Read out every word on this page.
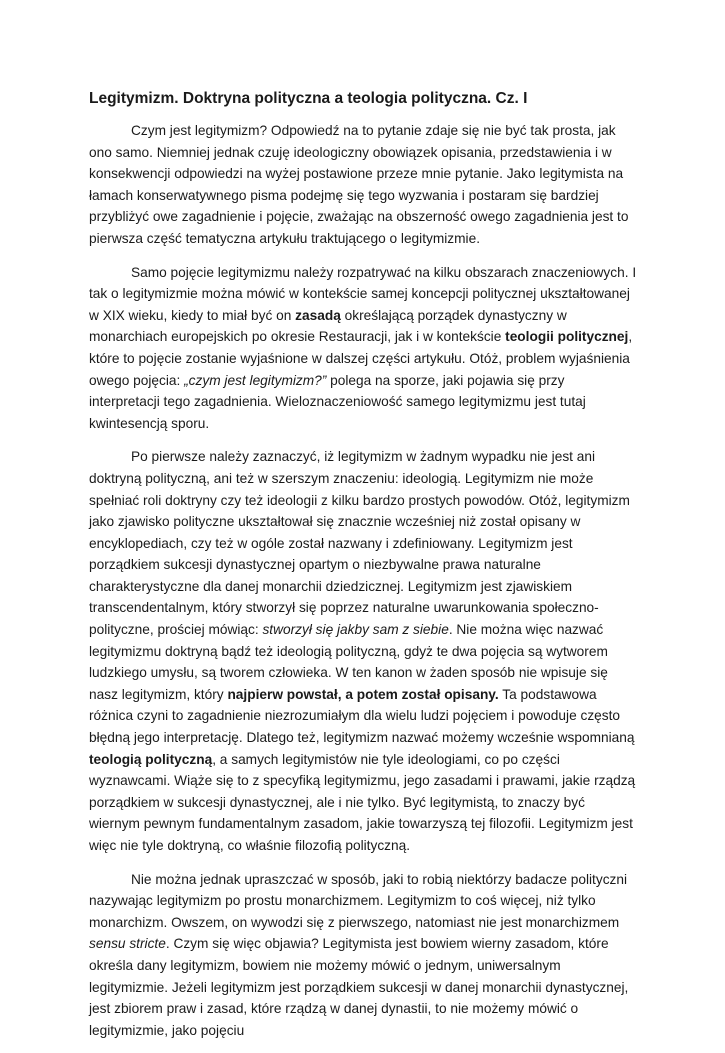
Legitymizm. Doktryna polityczna a teologia polityczna. Cz. I

Czym jest legitymizm? Odpowiedź na to pytanie zdaje się nie być tak prosta, jak ono samo. Niemniej jednak czuję ideologiczny obowiązek opisania, przedstawienia i w konsekwencji odpowiedzi na wyżej postawione przeze mnie pytanie. Jako legitymista na łamach konserwatywnego pisma podejmę się tego wyzwania i postaram się bardziej przybliżyć owe zagadnienie i pojęcie, zważając na obszerność owego zagadnienia jest to pierwsza część tematyczna artykułu traktującego o legitymizmie.

Samo pojęcie legitymizmu należy rozpatrywać na kilku obszarach znaczeniowych. I tak o legitymizmie można mówić w kontekście samej koncepcji politycznej ukształtowanej w XIX wieku, kiedy to miał być on zasadą określającą porządek dynastyczny w monarchiach europejskich po okresie Restauracji, jak i w kontekście teologii politycznej, które to pojęcie zostanie wyjaśnione w dalszej części artykułu. Otóż, problem wyjaśnienia owego pojęcia: „czym jest legitymizm?” polega na sporze, jaki pojawia się przy interpretacji tego zagadnienia. Wieloznaczeniowość samego legitymizmu jest tutaj kwintesencją sporu.

Po pierwsze należy zaznaczyć, iż legitymizm w żadnym wypadku nie jest ani doktryną polityczną, ani też w szerszym znaczeniu: ideologią. Legitymizm nie może spełniać roli doktryny czy też ideologii z kilku bardzo prostych powodów. Otóż, legitymizm jako zjawisko polityczne ukształtował się znacznie wcześniej niż został opisany w encyklopediach, czy też w ogóle został nazwany i zdefiniowany. Legitymizm jest porządkiem sukcesji dynastycznej opartym o niezbywalne prawa naturalne charakterystyczne dla danej monarchii dziedzicznej. Legitymizm jest zjawiskiem transcendentalnym, który stworzył się poprzez naturalne uwarunkowania społeczno-polityczne, prościej mówiąc: stworzył się jakby sam z siebie. Nie można więc nazwać legitymizmu doktryną bądź też ideologią polityczną, gdyż te dwa pojęcia są wytworem ludzkiego umysłu, są tworem człowieka. W ten kanon w żaden sposób nie wpisuje się nasz legitymizm, który najpierw powstał, a potem został opisany. Ta podstawowa różnica czyni to zagadnienie niezrozumiałym dla wielu ludzi pojęciem i powoduje często błędną jego interpretację. Dlatego też, legitymizm nazwać możemy wcześnie wspomnianą teologią polityczną, a samych legitymistów nie tyle ideologiami, co po części wyznawcami. Wiąże się to z specyfiką legitymizmu, jego zasadami i prawami, jakie rządzą porządkiem w sukcesji dynastycznej, ale i nie tylko. Być legitymistą, to znaczy być wiernym pewnym fundamentalnym zasadom, jakie towarzyszą tej filozofii. Legitymizm jest więc nie tyle doktryną, co właśnie filozofią polityczną.

Nie można jednak upraszczać w sposób, jaki to robią niektórzy badacze polityczni nazywając legitymizm po prostu monarchizmem. Legitymizm to coś więcej, niż tylko monarchizm. Owszem, on wywodzi się z pierwszego, natomiast nie jest monarchizmem sensu stricte. Czym się więc objawia? Legitymista jest bowiem wierny zasadom, które określa dany legitymizm, bowiem nie możemy mówić o jednym, uniwersalnym legitymizmie. Jeżeli legitymizm jest porządkiem sukcesji w danej monarchii dynastycznej, jest zbiorem praw i zasad, które rządzą w danej dynastii, to nie możemy mówić o legitymizmie, jako pojęciu
